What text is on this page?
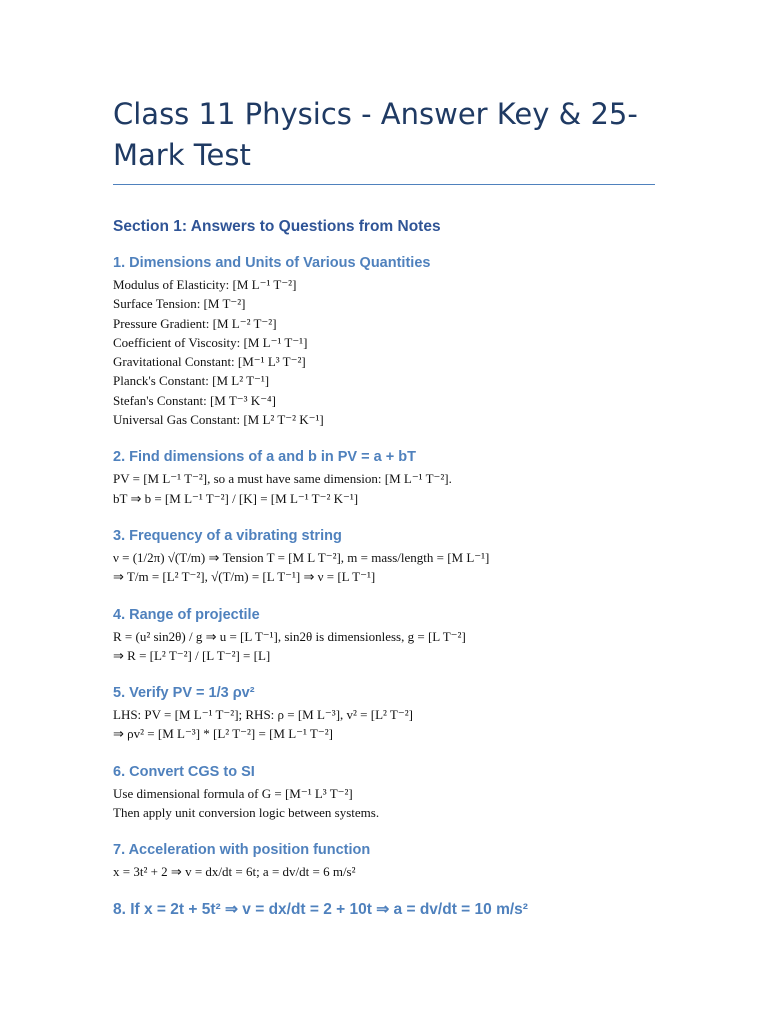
Class 11 Physics - Answer Key & 25-Mark Test
Section 1: Answers to Questions from Notes
1. Dimensions and Units of Various Quantities
Modulus of Elasticity: [M L⁻¹ T⁻²]
Surface Tension: [M T⁻²]
Pressure Gradient: [M L⁻² T⁻²]
Coefficient of Viscosity: [M L⁻¹ T⁻¹]
Gravitational Constant: [M⁻¹ L³ T⁻²]
Planck's Constant: [M L² T⁻¹]
Stefan's Constant: [M T⁻³ K⁻⁴]
Universal Gas Constant: [M L² T⁻² K⁻¹]
2. Find dimensions of a and b in PV = a + bT
PV = [M L⁻¹ T⁻²], so a must have same dimension: [M L⁻¹ T⁻²].
bT ⇒ b = [M L⁻¹ T⁻²] / [K] = [M L⁻¹ T⁻² K⁻¹]
3. Frequency of a vibrating string
ν = (1/2π) √(T/m) ⇒ Tension T = [M L T⁻²], m = mass/length = [M L⁻¹]
⇒ T/m = [L² T⁻²], √(T/m) = [L T⁻¹] ⇒ ν = [L T⁻¹]
4. Range of projectile
R = (u² sin2θ) / g ⇒ u = [L T⁻¹], sin2θ is dimensionless, g = [L T⁻²]
⇒ R = [L² T⁻²] / [L T⁻²] = [L]
5. Verify PV = 1/3 ρv²
LHS: PV = [M L⁻¹ T⁻²]; RHS: ρ = [M L⁻³], v² = [L² T⁻²]
⇒ ρv² = [M L⁻³] * [L² T⁻²] = [M L⁻¹ T⁻²]
6. Convert CGS to SI
Use dimensional formula of G = [M⁻¹ L³ T⁻²]
Then apply unit conversion logic between systems.
7. Acceleration with position function
x = 3t² + 2 ⇒ v = dx/dt = 6t; a = dv/dt = 6 m/s²
8. If x = 2t + 5t² ⇒ v = dx/dt = 2 + 10t ⇒ a = dv/dt = 10 m/s²
